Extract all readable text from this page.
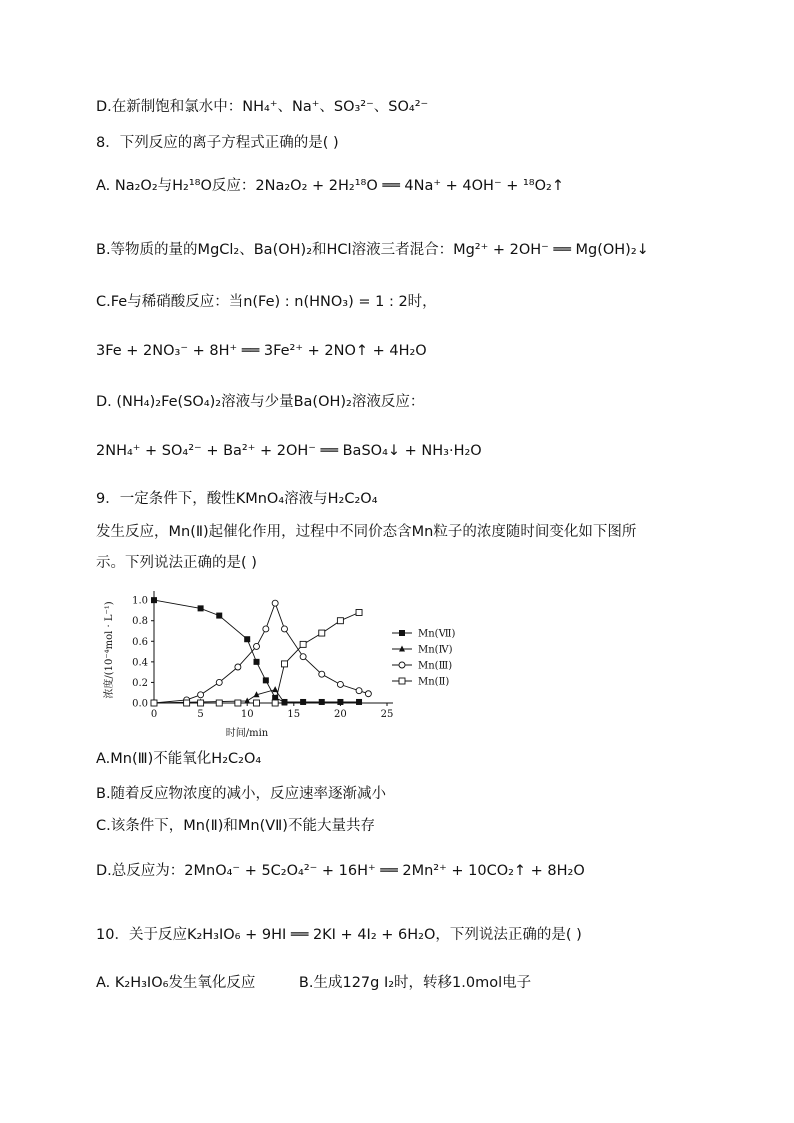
D.在新制饱和氯水中：NH₄⁺、Na⁺、SO₃²⁻、SO₄²⁻
8．下列反应的离子方程式正确的是( )
A. Na₂O₂与H₂¹⁸O反应：2Na₂O₂ + 2H₂¹⁸O ══ 4Na⁺ + 4OH⁻ + ¹⁸O₂↑
B.等物质的量的MgCl₂、Ba(OH)₂和HCl溶液三者混合：Mg²⁺ + 2OH⁻ ══ Mg(OH)₂↓
C.Fe与稀硝酸反应：当n(Fe) : n(HNO₃) = 1 : 2时，
3Fe + 2NO₃⁻ + 8H⁺ ══ 3Fe²⁺ + 2NO↑ + 4H₂O
D. (NH₄)₂Fe(SO₄)₂溶液与少量Ba(OH)₂溶液反应：
2NH₄⁺ + SO₄²⁻ + Ba²⁺ + 2OH⁻ ══ BaSO₄↓ + NH₃·H₂O
9．一定条件下，酸性KMnO₄溶液与H₂C₂O₄
发生反应，Mn(Ⅱ)起催化作用，过程中不同价态含Mn粒子的浓度随时间变化如下图所
示。下列说法正确的是( )
0	5	10	15	20	25
0.0
0.2
0.4
0.6
0.8
1.0
Mn(Ⅶ)
Mn(Ⅳ)
Mn(Ⅲ)
Mn(Ⅱ)
浓度/(10⁻⁴mol · L⁻¹)
时间/min
A.Mn(Ⅲ)不能氧化H₂C₂O₄
B.随着反应物浓度的减小，反应速率逐渐减小
C.该条件下，Mn(Ⅱ)和Mn(VⅡ)不能大量共存
D.总反应为：2MnO₄⁻ + 5C₂O₄²⁻ + 16H⁺ ══ 2Mn²⁺ + 10CO₂↑ + 8H₂O
10．关于反应K₂H₃IO₆ + 9HI ══ 2KI + 4I₂ + 6H₂O，下列说法正确的是( )
A. K₂H₃IO₆发生氧化反应　　　B.生成127g I₂时，转移1.0mol电子
